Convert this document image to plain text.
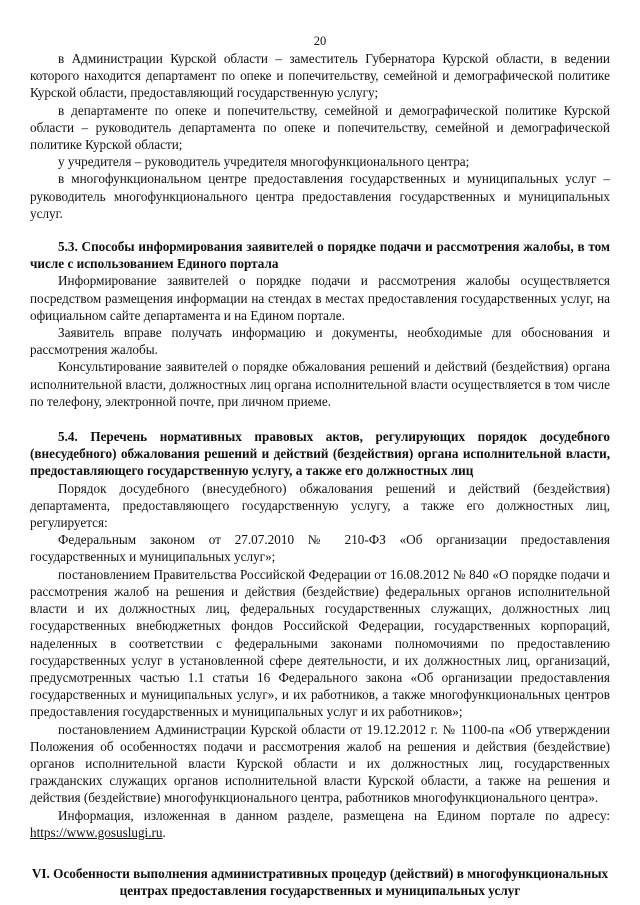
20

в Администрации Курской области – заместитель Губернатора Курской области, в ведении которого находится департамент по опеке и попечительству, семейной и демографической политике Курской области, предоставляющий государственную услугу;

в департаменте по опеке и попечительству, семейной и демографической политике Курской области – руководитель департамента по опеке и попечительству, семейной и демографической политике Курской области;

у учредителя – руководитель учредителя многофункционального центра;

в многофункциональном центре предоставления государственных и муниципальных услуг – руководитель многофункционального центра предоставления государственных и муниципальных услуг.

5.3. Способы информирования заявителей о порядке подачи и рассмотрения жалобы, в том числе с использованием Единого портала

Информирование заявителей о порядке подачи и рассмотрения жалобы осуществляется посредством размещения информации на стендах в местах предоставления государственных услуг, на официальном сайте департамента и на Едином портале.

Заявитель вправе получать информацию и документы, необходимые для обоснования и рассмотрения жалобы.

Консультирование заявителей о порядке обжалования решений и действий (бездействия) органа исполнительной власти, должностных лиц органа исполнительной власти осуществляется в том числе по телефону, электронной почте, при личном приеме.

5.4. Перечень нормативных правовых актов, регулирующих порядок досудебного (внесудебного) обжалования решений и действий (бездействия) органа исполнительной власти, предоставляющего государственную услугу, а также его должностных лиц

Порядок досудебного (внесудебного) обжалования решений и действий (бездействия) департамента, предоставляющего государственную услугу, а также его должностных лиц, регулируется:

Федеральным законом от 27.07.2010 № 210-ФЗ «Об организации предоставления государственных и муниципальных услуг»;

постановлением Правительства Российской Федерации от 16.08.2012 № 840 «О порядке подачи и рассмотрения жалоб на решения и действия (бездействие) федеральных органов исполнительной власти и их должностных лиц, федеральных государственных служащих, должностных лиц государственных внебюджетных фондов Российской Федерации, государственных корпораций, наделенных в соответствии с федеральными законами полномочиями по предоставлению государственных услуг в установленной сфере деятельности, и их должностных лиц, организаций, предусмотренных частью 1.1 статьи 16 Федерального закона «Об организации предоставления государственных и муниципальных услуг», и их работников, а также многофункциональных центров предоставления государственных и муниципальных услуг и их работников»;

постановлением Администрации Курской области от 19.12.2012 г. № 1100-па «Об утверждении Положения об особенностях подачи и рассмотрения жалоб на решения и действия (бездействие) органов исполнительной власти Курской области и их должностных лиц, государственных гражданских служащих органов исполнительной власти Курской области, а также на решения и действия (бездействие) многофункционального центра, работников многофункционального центра».

Информация, изложенная в данном разделе, размещена на Едином портале по адресу: https://www.gosuslugi.ru.

VI. Особенности выполнения административных процедур (действий) в многофункциональных центрах предоставления государственных и муниципальных услуг
